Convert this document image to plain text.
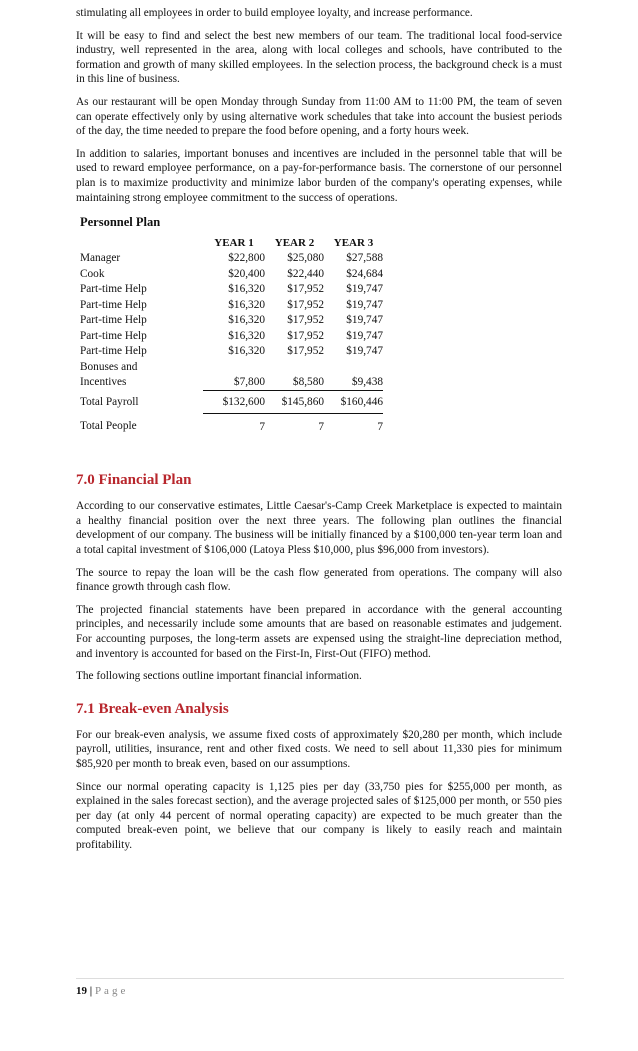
stimulating all employees in order to build employee loyalty, and increase performance.

It will be easy to find and select the best new members of our team. The traditional local food-service industry, well represented in the area, along with local colleges and schools, have contributed to the formation and growth of many skilled employees. In the selection process, the background check is a must in this line of business.

As our restaurant will be open Monday through Sunday from 11:00 AM to 11:00 PM, the team of seven can operate effectively only by using alternative work schedules that take into account the busiest periods of the day, the time needed to prepare the food before opening, and a forty hours week.

In addition to salaries, important bonuses and incentives are included in the personnel table that will be used to reward employee performance, on a pay-for-performance basis. The cornerstone of our personnel plan is to maximize productivity and minimize labor burden of the company's operating expenses, while maintaining strong employee commitment to the success of operations.

Personnel Plan
	YEAR 1	YEAR 2	YEAR 3
Manager	$22,800	$25,080	$27,588
Cook	$20,400	$22,440	$24,684
Part-time Help	$16,320	$17,952	$19,747
Part-time Help	$16,320	$17,952	$19,747
Part-time Help	$16,320	$17,952	$19,747
Part-time Help	$16,320	$17,952	$19,747
Part-time Help	$16,320	$17,952	$19,747

Bonuses and
Incentives	$7,800	$8,580	$9,438
Total Payroll	$132,600	$145,860	$160,446
Total People	7	7	7
7.0 Financial Plan

According to our conservative estimates, Little Caesar's-Camp Creek Marketplace is expected to maintain a healthy financial position over the next three years. The following plan outlines the financial development of our company. The business will be initially financed by a $100,000 ten-year term loan and a total capital investment of $106,000 (Latoya Pless $10,000, plus $96,000 from investors).

The source to repay the loan will be the cash flow generated from operations. The company will also finance growth through cash flow.

The projected financial statements have been prepared in accordance with the general accounting principles, and necessarily include some amounts that are based on reasonable estimates and judgement. For accounting purposes, the long-term assets are expensed using the straight-line depreciation method, and inventory is accounted for based on the First-In, First-Out (FIFO) method.

The following sections outline important financial information.

7.1 Break-even Analysis

For our break-even analysis, we assume fixed costs of approximately $20,280 per month, which include payroll, utilities, insurance, rent and other fixed costs. We need to sell about 11,330 pies for minimum $85,920 per month to break even, based on our assumptions.

Since our normal operating capacity is 1,125 pies per day (33,750 pies for $255,000 per month, as explained in the sales forecast section), and the average projected sales of $125,000 per month, or 550 pies per day (at only 44 percent of normal operating capacity) are expected to be much greater than the computed break-even point, we believe that our company is likely to easily reach and maintain profitability.

19 | Page
